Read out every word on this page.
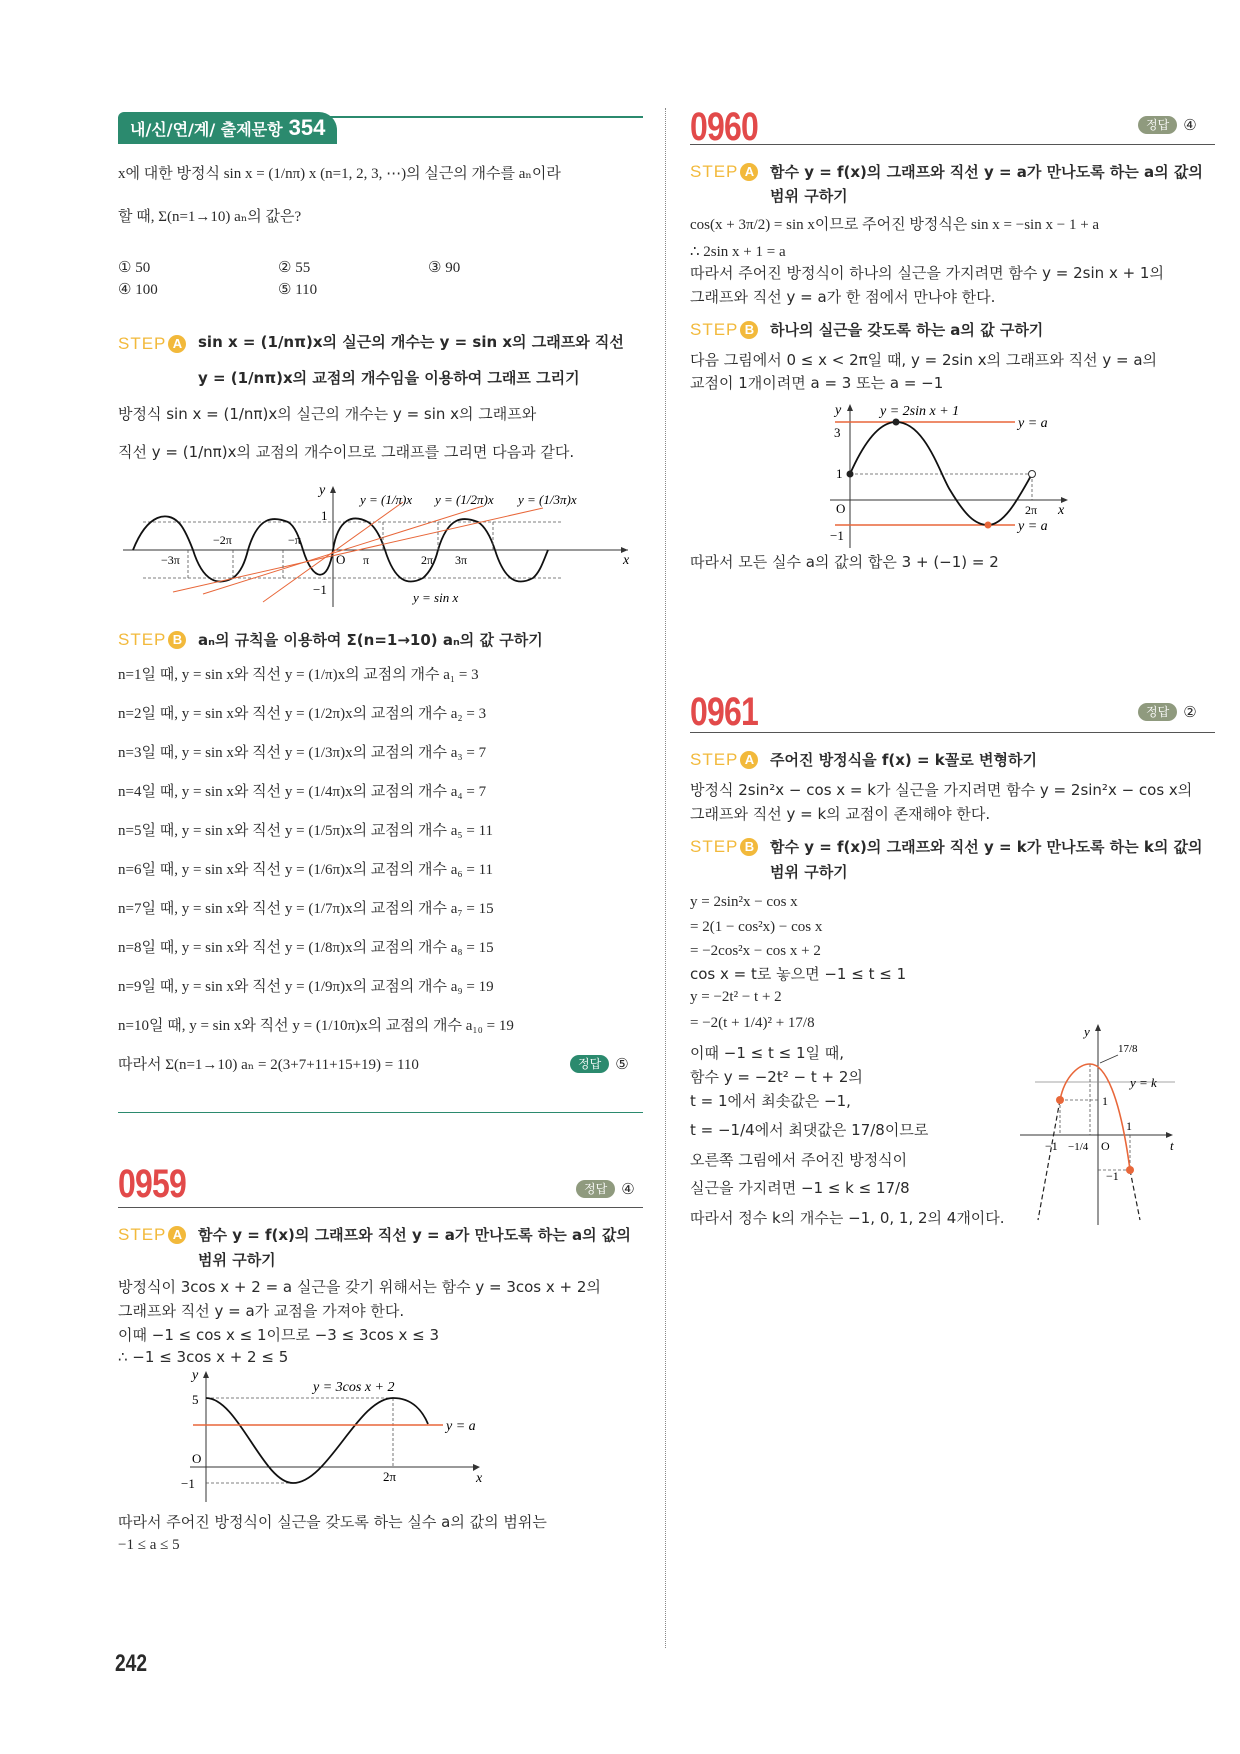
내/신/연/계/ 출제문항 354
x에 대한 방정식 sin x = (1/nπ) x (n=1, 2, 3, ⋯)의 실근의 개수를 aₙ이라
할 때, Σ(n=1→10) aₙ의 값은?
① 50	② 55	③ 90
④ 100	⑤ 110
STEP A sin x = (1/nπ)x의 실근의 개수는 y = sin x의 그래프와 직선
y = (1/nπ)x의 교점의 개수임을 이용하여 그래프 그리기
방정식 sin x = (1/nπ)x의 실근의 개수는 y = sin x의 그래프와
직선 y = (1/nπ)x의 교점의 개수이므로 그래프를 그리면 다음과 같다.
y
1
−1
O	x
y = (1/π)x y = (1/2π)x y = (1/3π)x
y = sin x
−3π
−2π	−π
π	2π 3π
STEP B aₙ의 규칙을 이용하여 Σ(n=1→10) aₙ의 값 구하기
n=1일 때, y = sin x와 직선 y = (1/π)x의 교점의 개수 a₁ = 3
n=2일 때, y = sin x와 직선 y = (1/2π)x의 교점의 개수 a₂ = 3
n=3일 때, y = sin x와 직선 y = (1/3π)x의 교점의 개수 a₃ = 7
n=4일 때, y = sin x와 직선 y = (1/4π)x의 교점의 개수 a₄ = 7
n=5일 때, y = sin x와 직선 y = (1/5π)x의 교점의 개수 a₅ = 11
n=6일 때, y = sin x와 직선 y = (1/6π)x의 교점의 개수 a₆ = 11
n=7일 때, y = sin x와 직선 y = (1/7π)x의 교점의 개수 a₇ = 15
n=8일 때, y = sin x와 직선 y = (1/8π)x의 교점의 개수 a₈ = 15
n=9일 때, y = sin x와 직선 y = (1/9π)x의 교점의 개수 a₉ = 19
n=10일 때, y = sin x와 직선 y = (1/10π)x의 교점의 개수 a₁₀ = 19
따라서 Σ(n=1→10) aₙ = 2(3+7+11+15+19) = 110	정답 ⑤
0959	정답 ④
STEP A 함수 y = f(x)의 그래프와 직선 y = a가 만나도록 하는 a의 값의
범위 구하기
방정식이 3cos x + 2 = a 실근을 갖기 위해서는 함수 y = 3cos x + 2의
그래프와 직선 y = a가 교점을 가져야 한다.
이때 −1 ≤ cos x ≤ 1이므로 −3 ≤ 3cos x ≤ 3
∴ −1 ≤ 3cos x + 2 ≤ 5
y
5
O
−1	2π	x
y = 3cos x + 2
y = a
따라서 주어진 방정식이 실근을 갖도록 하는 실수 a의 값의 범위는
−1 ≤ a ≤ 5
0960	정답 ④
STEP A 함수 y = f(x)의 그래프와 직선 y = a가 만나도록 하는 a의 값의
범위 구하기
cos(x + 3π/2) = sin x이므로 주어진 방정식은 sin x = −sin x − 1 + a
∴ 2sin x + 1 = a
따라서 주어진 방정식이 하나의 실근을 가지려면 함수 y = 2sin x + 1의
그래프와 직선 y = a가 한 점에서 만나야 한다.
STEP B 하나의 실근을 갖도록 하는 a의 값 구하기
다음 그림에서 0 ≤ x < 2π일 때, y = 2sin x의 그래프와 직선 y = a의
교점이 1개이려면 a = 3 또는 a = −1
y
3
1
O
−1
2π x
y = 2sin x + 1
y = a
y = a
따라서 모든 실수 a의 값의 합은 3 + (−1) = 2
0961	정답 ②
STEP A 주어진 방정식을 f(x) = k꼴로 변형하기
방정식 2sin²x − cos x = k가 실근을 가지려면 함수 y = 2sin²x − cos x의
그래프와 직선 y = k의 교점이 존재해야 한다.
STEP B 함수 y = f(x)의 그래프와 직선 y = k가 만나도록 하는 k의 값의
범위 구하기
y = 2sin²x − cos x
= 2(1 − cos²x) − cos x
= −2cos²x − cos x + 2
cos x = t로 놓으면 −1 ≤ t ≤ 1
y = −2t² − t + 2
= −2(t + 1/4)² + 17/8
이때 −1 ≤ t ≤ 1일 때,
함수 y = −2t² − t + 2의
t = 1에서 최솟값은 −1,
t = −1/4에서 최댓값은 17/8이므로
오른쪽 그림에서 주어진 방정식이
실근을 가지려면 −1 ≤ k ≤ 17/8
따라서 정수 k의 개수는 −1, 0, 1, 2의 4개이다.
y
17/8
y = k
1
−1 −1/4 O
1
−1
t
242
